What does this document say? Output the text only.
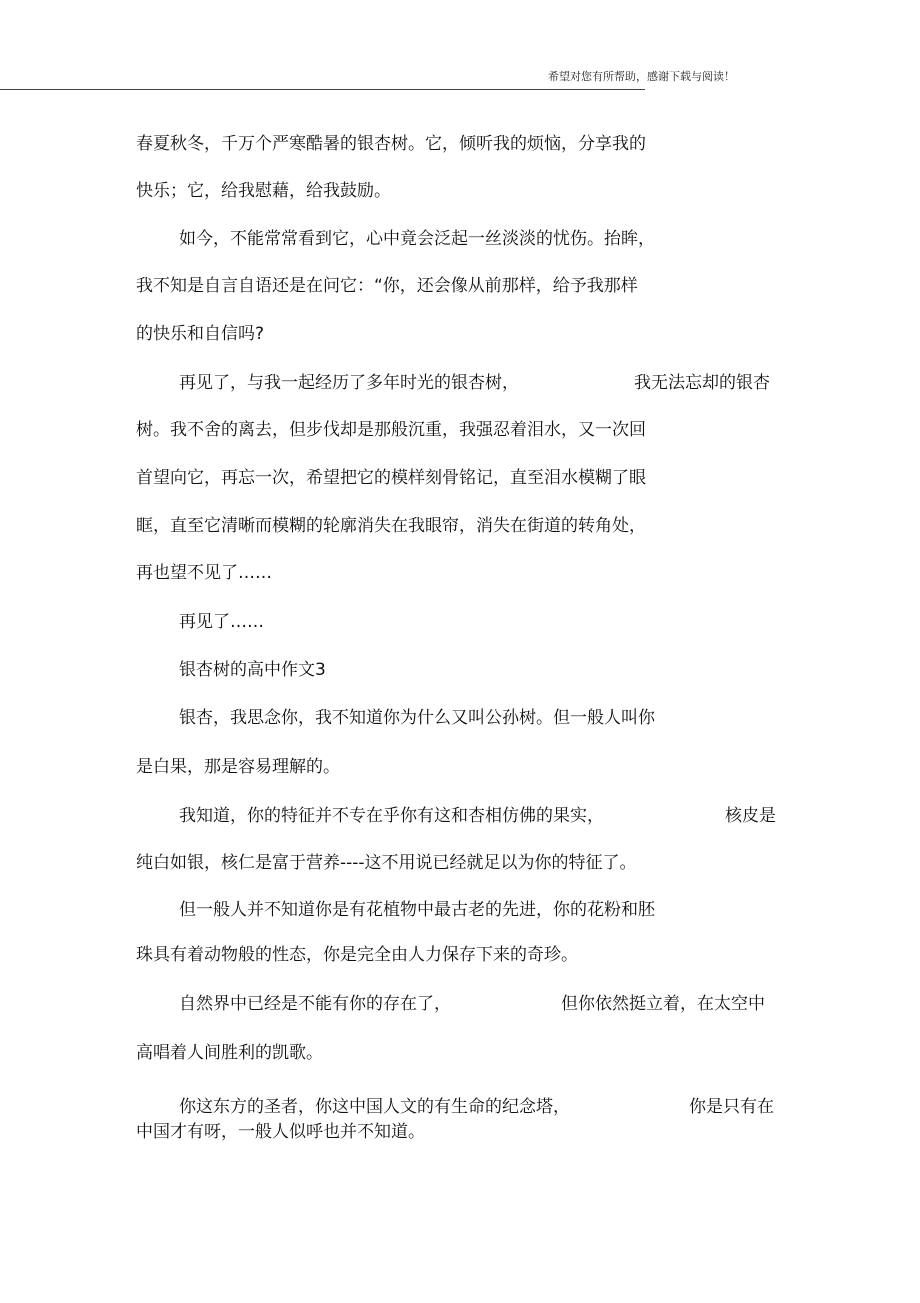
希望对您有所帮助，感谢下载与阅读！
春夏秋冬，千万个严寒酷暑的银杏树。它，倾听我的烦恼，分享我的
快乐；它，给我慰藉，给我鼓励。
如今，不能常常看到它，心中竟会泛起一丝淡淡的忧伤。抬眸，
我不知是自言自语还是在问它：“你，还会像从前那样，给予我那样
的快乐和自信吗?
再见了，与我一起经历了多年时光的银杏树，	我无法忘却的银杏
树。我不舍的离去，但步伐却是那般沉重，我强忍着泪水，又一次回
首望向它，再忘一次，希望把它的模样刻骨铭记，直至泪水模糊了眼
眶，直至它清晰而模糊的轮廓消失在我眼帘，消失在街道的转角处，
再也望不见了……
再见了……
银杏树的高中作文3
银杏，我思念你，我不知道你为什么又叫公孙树。但一般人叫你
是白果，那是容易理解的。
我知道，你的特征并不专在乎你有这和杏相仿佛的果实，	核皮是
纯白如银，核仁是富于营养----这不用说已经就足以为你的特征了。
但一般人并不知道你是有花植物中最古老的先进，你的花粉和胚
珠具有着动物般的性态，你是完全由人力保存下来的奇珍。
自然界中已经是不能有你的存在了，	但你依然挺立着，在太空中
高唱着人间胜利的凯歌。
你这东方的圣者，你这中国人文的有生命的纪念塔，	你是只有在
中国才有呀，一般人似呼也并不知道。
